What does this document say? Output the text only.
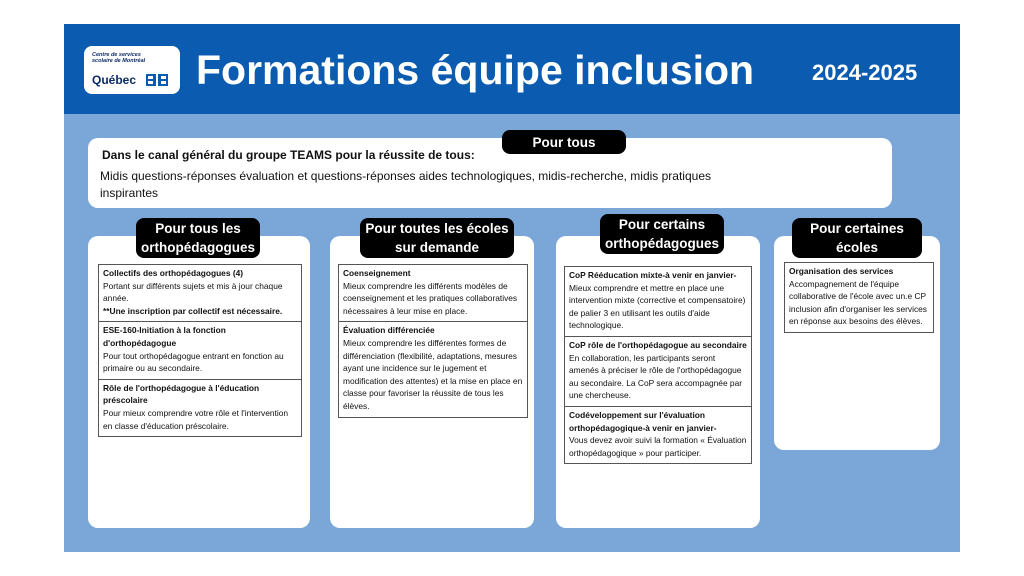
Centre de services scolaire de Montréal
Québec Formations équipe inclusion	2024-2025
Dans le canal général du groupe TEAMS pour la réussite de tous:
Midis questions-réponses évaluation et questions-réponses aides technologiques, midis-recherche, midis pratiques inspirantes
Pour tous
Collectifs des orthopédagogues (4)
Portant sur différents sujets et mis à jour chaque année.
**Une inscription par collectif est nécessaire.
ESE-160-Initiation à la fonction d'orthopédagogue
Pour tout orthopédagogue entrant en fonction au primaire ou au secondaire.
Rôle de l'orthopédagogue à l'éducation préscolaire
Pour mieux comprendre votre rôle et l'intervention en classe d'éducation préscolaire.
Pour tous les
orthopédagogues
Coenseignement
Mieux comprendre les différents modèles de coenseignement et les pratiques collaboratives nécessaires à leur mise en place.
Évaluation différenciée
Mieux comprendre les différentes formes de différenciation (flexibilité, adaptations, mesures ayant une incidence sur le jugement et modification des attentes) et la mise en place en classe pour favoriser la réussite de tous les élèves.
Pour toutes les écoles
sur demande
CoP Rééducation mixte-à venir en janvier-
Mieux comprendre et mettre en place une intervention mixte (corrective et compensatoire) de palier 3 en utilisant les outils d'aide technologique.
CoP rôle de l'orthopédagogue au secondaire
En collaboration, les participants seront amenés à préciser le rôle de l'orthopédagogue au secondaire. La CoP sera accompagnée par une chercheuse.
Codéveloppement sur l'évaluation orthopédagogique-à venir en janvier-
Vous devez avoir suivi la formation « Évaluation orthopédagogique » pour participer.
Pour certains
orthopédagogues
Organisation des services
Accompagnement de l'équipe collaborative de l'école avec un.e CP inclusion afin d'organiser les services en réponse aux besoins des élèves.
Pour certaines
écoles
